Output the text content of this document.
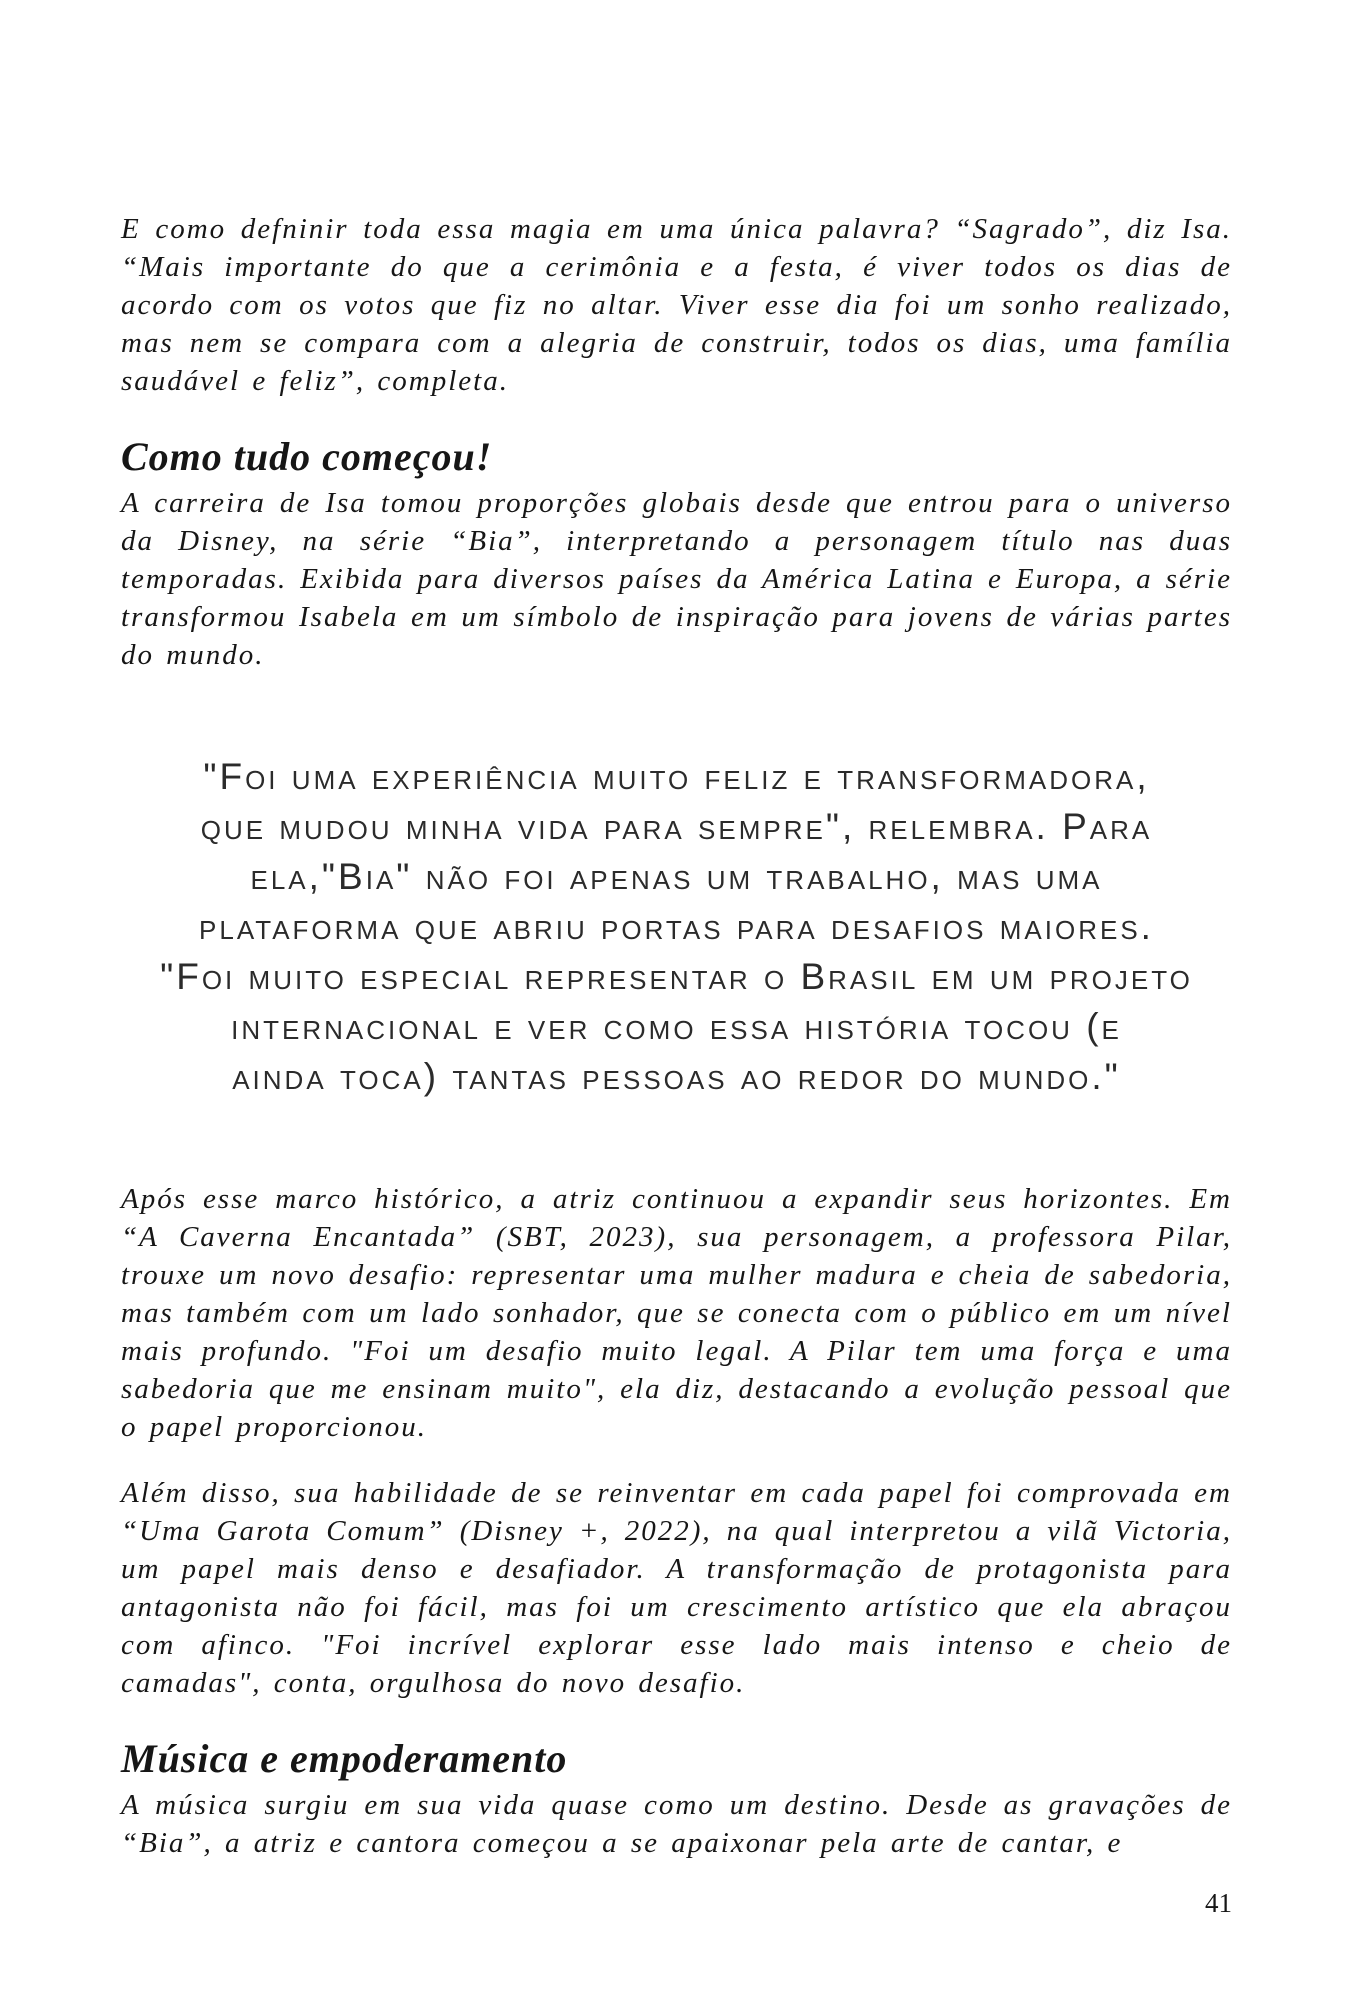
E como defninir toda essa magia em uma única palavra? “Sagrado”, diz Isa. “Mais importante do que a cerimônia e a festa, é viver todos os dias de acordo com os votos que fiz no altar. Viver esse dia foi um sonho realizado, mas nem se compara com a alegria de construir, todos os dias, uma família saudável e feliz”, completa.

Como tudo começou!

A carreira de Isa tomou proporções globais desde que entrou para o universo da Disney, na série “Bia”, interpretando a personagem título nas duas temporadas. Exibida para diversos países da América Latina e Europa, a série transformou Isabela em um símbolo de inspiração para jovens de várias partes do mundo.

"Foi uma experiência muito feliz e transformadora,
que mudou minha vida para sempre", relembra. Para
ela,"Bia" não foi apenas um trabalho, mas uma
plataforma que abriu portas para desafios maiores.
"Foi muito especial representar o Brasil em um projeto
internacional e ver como essa história tocou (e
ainda toca) tantas pessoas ao redor do mundo."

Após esse marco histórico, a atriz continuou a expandir seus horizontes. Em “A Caverna Encantada” (SBT, 2023), sua personagem, a professora Pilar, trouxe um novo desafio: representar uma mulher madura e cheia de sabedoria, mas também com um lado sonhador, que se conecta com o público em um nível mais profundo. "Foi um desafio muito legal. A Pilar tem uma força e uma sabedoria que me ensinam muito", ela diz, destacando a evolução pessoal que o papel proporcionou.

Além disso, sua habilidade de se reinventar em cada papel foi comprovada em “Uma Garota Comum” (Disney +, 2022), na qual interpretou a vilã Victoria, um papel mais denso e desafiador. A transformação de protagonista para antagonista não foi fácil, mas foi um crescimento artístico que ela abraçou com afinco. "Foi incrível explorar esse lado mais intenso e cheio de camadas", conta, orgulhosa do novo desafio.

Música e empoderamento

A música surgiu em sua vida quase como um destino. Desde as gravações de “Bia”, a atriz e cantora começou a se apaixonar pela arte de cantar, e

41
